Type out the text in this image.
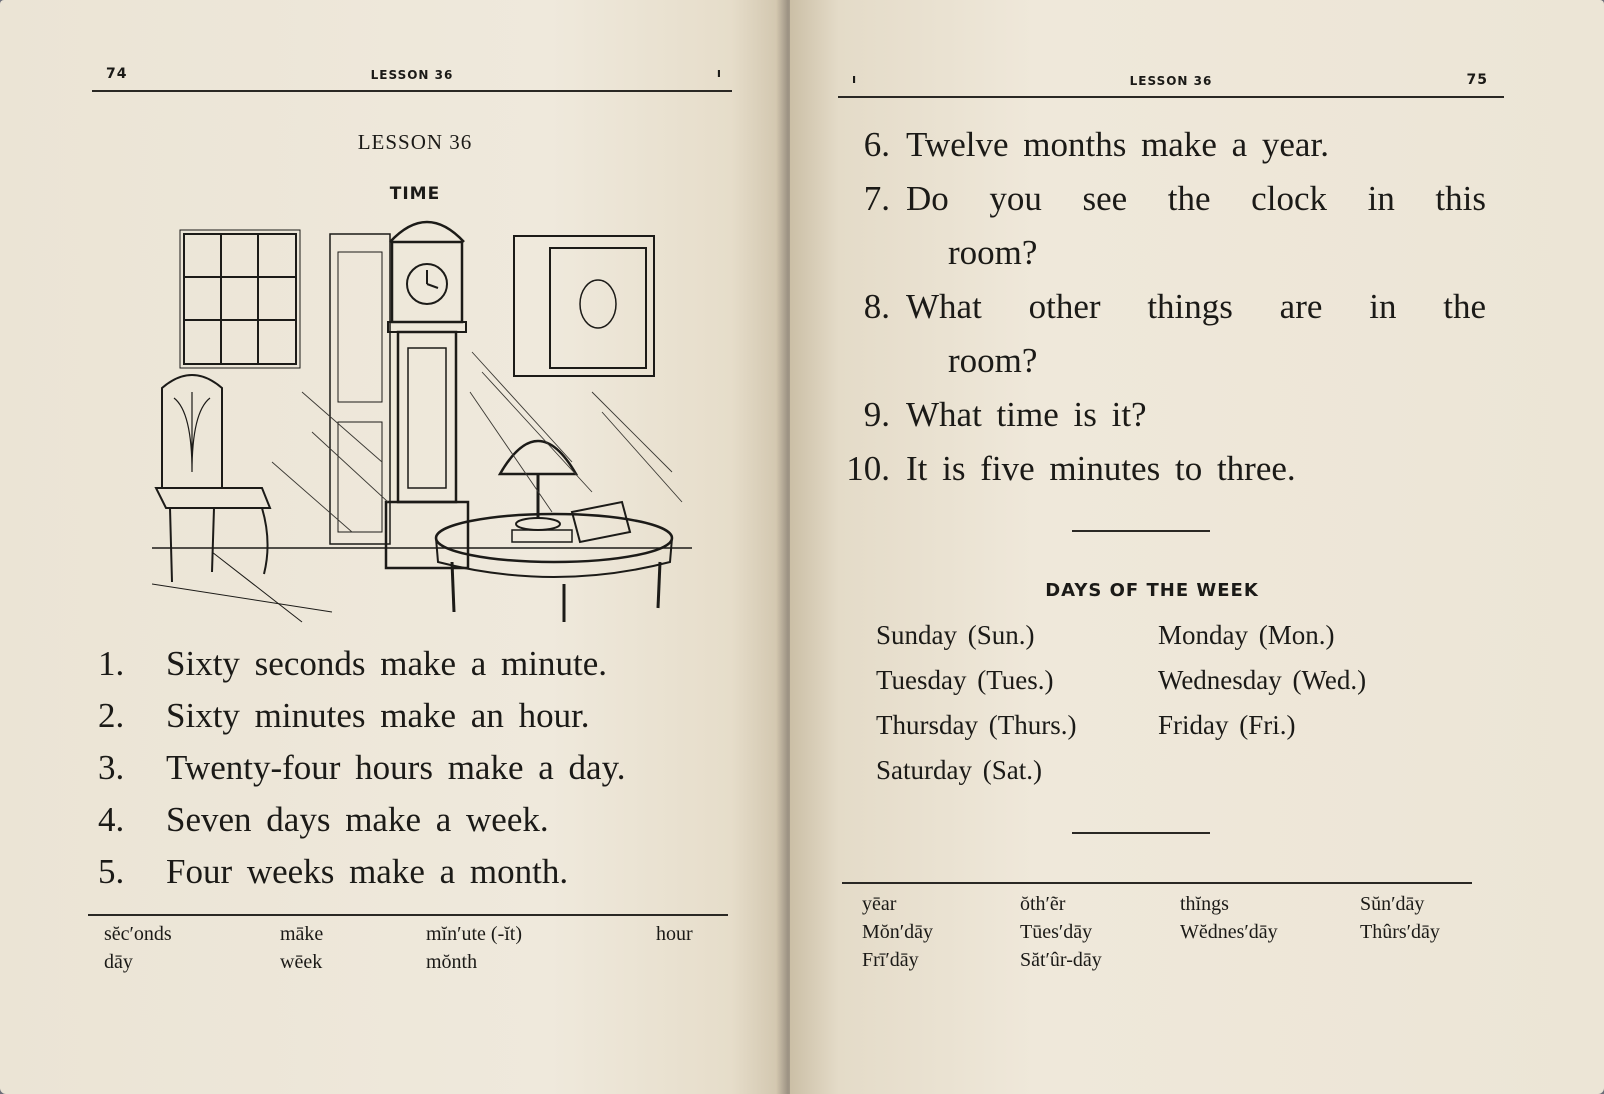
74	LESSON 36	ı
LESSON 36
TIME
1.	Sixty seconds make a minute.
2.	Sixty minutes make an hour.
3.	Twenty-four hours make a day.
4.	Seven days make a week.
5.	Four weeks make a month.
sĕc′onds	māke	mĭn′ute (-ĭt)	hour
dāy	wēek	mŏnth
ı	LESSON 36	75
6. Twelve months make a year.
7. Do you see the clock in this
room?
8. What other things are in the
room?
9. What time is it?
10. It is five minutes to three.
DAYS OF THE WEEK
Sunday (Sun.)	Monday (Mon.)
Tuesday (Tues.)	Wednesday (Wed.)
Thursday (Thurs.)	Friday (Fri.)
Saturday (Sat.)
yēar	ŏth′ẽr	thĭngs	Sŭn′dāy
Mŏn′dāy	Tūes′dāy	Wĕdnes′dāy	Thûrs′dāy
Frī′dāy	Săt′ûr-dāy
